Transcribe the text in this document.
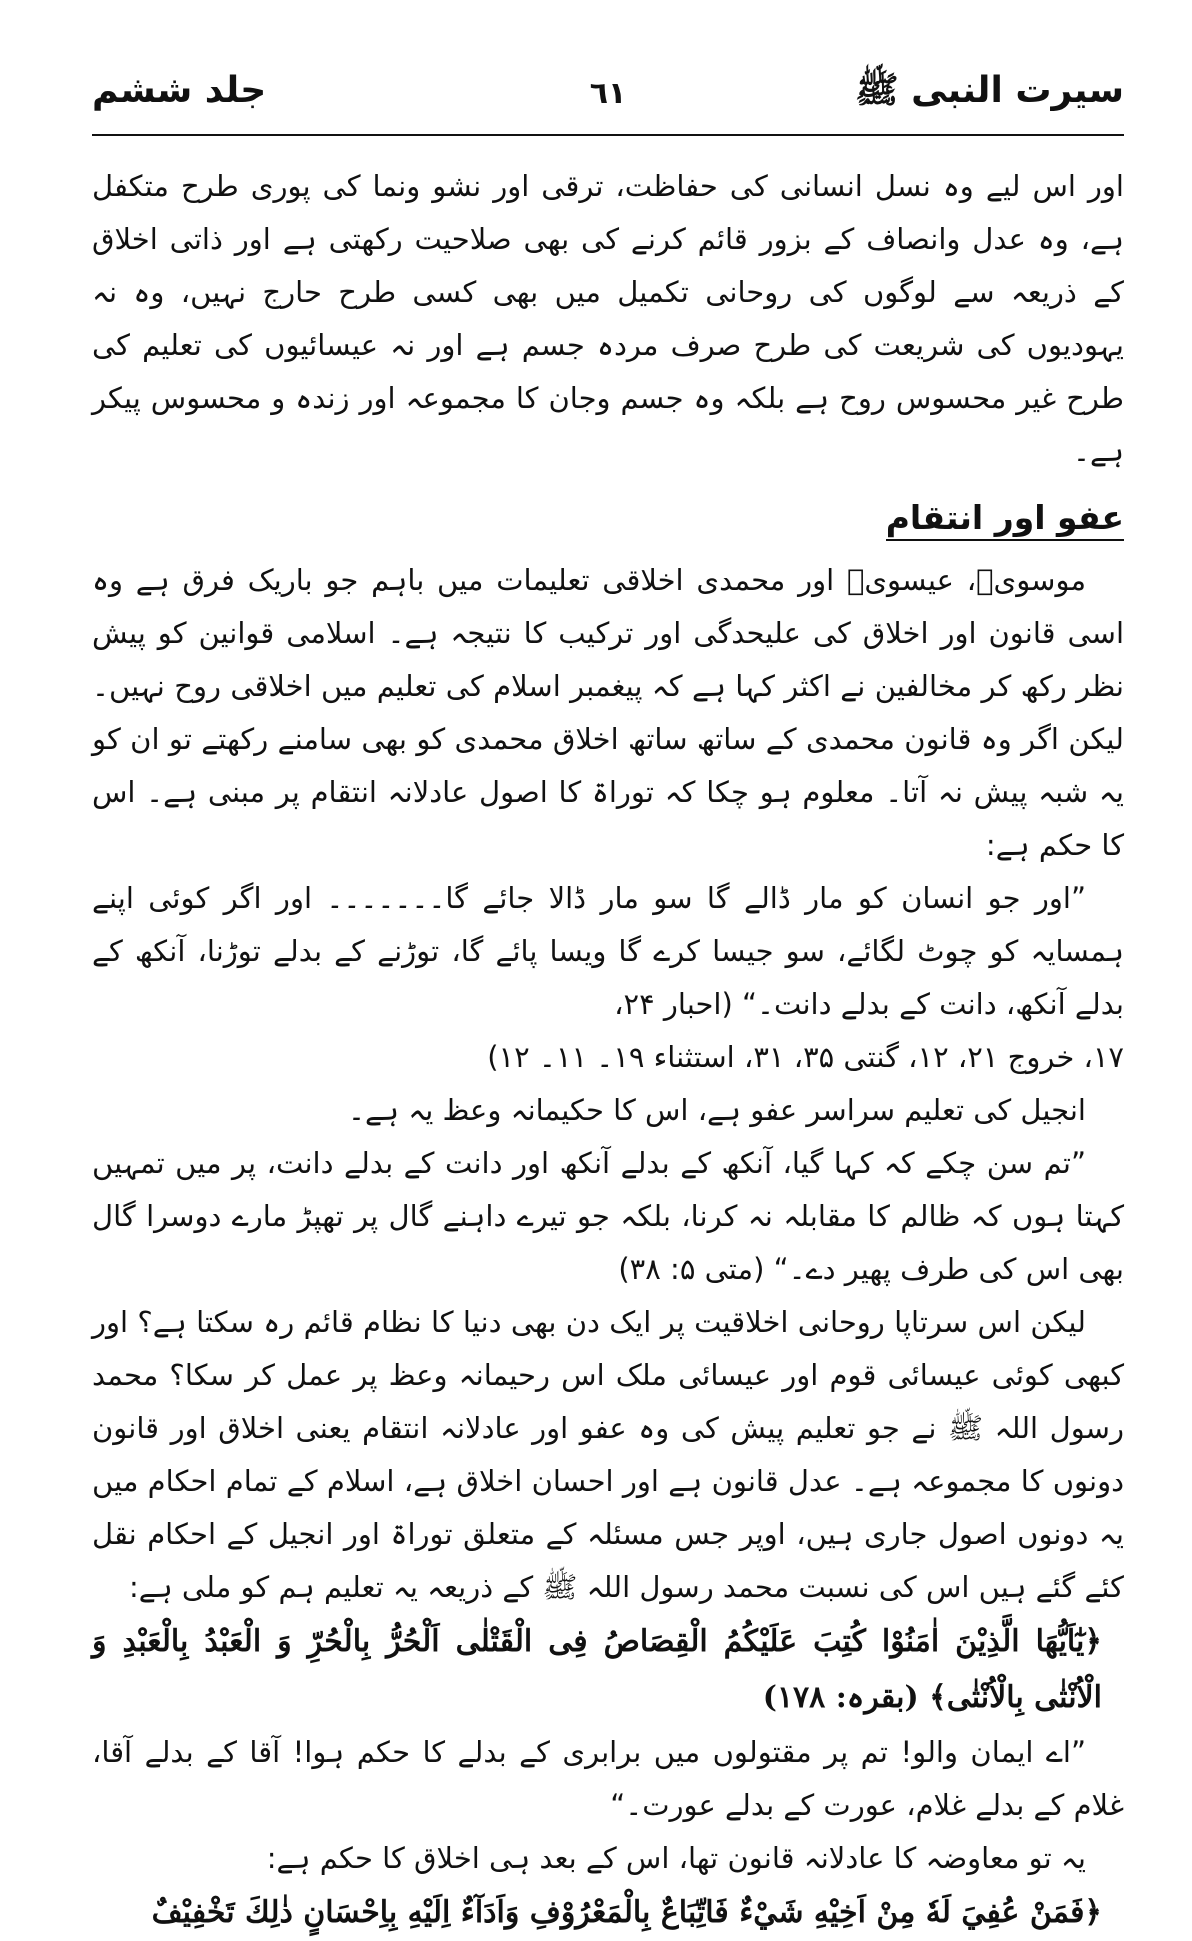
سیرت النبی ﷺ
٦١
جلد ششم

اور اس لیے وہ نسل انسانی کی حفاظت، ترقی اور نشو ونما کی پوری طرح متکفل ہے، وہ عدل وانصاف کے بزور قائم کرنے کی بھی صلاحیت رکھتی ہے اور ذاتی اخلاق کے ذریعہ سے لوگوں کی روحانی تکمیل میں بھی کسی طرح حارج نہیں، وہ نہ یہودیوں کی شریعت کی طرح صرف مردہ جسم ہے اور نہ عیسائیوں کی تعلیم کی طرح غیر محسوس روح ہے بلکہ وہ جسم وجان کا مجموعہ اور زندہ و محسوس پیکر ہے۔

عفو اور انتقام

موسویؑ، عیسویؑ اور محمدی اخلاقی تعلیمات میں باہم جو باریک فرق ہے وہ اسی قانون اور اخلاق کی علیحدگی اور ترکیب کا نتیجہ ہے۔ اسلامی قوانین کو پیش نظر رکھ کر مخالفین نے اکثر کہا ہے کہ پیغمبر اسلام کی تعلیم میں اخلاقی روح نہیں۔ لیکن اگر وہ قانون محمدی کے ساتھ ساتھ اخلاق محمدی کو بھی سامنے رکھتے تو ان کو یہ شبہ پیش نہ آتا۔ معلوم ہو چکا کہ توراۃ کا اصول عادلانہ انتقام پر مبنی ہے۔ اس کا حکم ہے:

”اور جو انسان کو مار ڈالے گا سو مار ڈالا جائے گا۔۔۔۔۔۔۔ اور اگر کوئی اپنے ہمسایہ کو چوٹ لگائے، سو جیسا کرے گا ویسا پائے گا، توڑنے کے بدلے توڑنا، آنکھ کے بدلے آنکھ، دانت کے بدلے دانت۔“ (احبار ۲۴،

۱۷، خروج ۲۱، ۱۲، گنتی ۳۵، ۳۱، استثناء ۱۹۔ ۱۱۔ ۱۲)

انجیل کی تعلیم سراسر عفو ہے، اس کا حکیمانہ وعظ یہ ہے۔

”تم سن چکے کہ کہا گیا، آنکھ کے بدلے آنکھ اور دانت کے بدلے دانت، پر میں تمہیں کہتا ہوں کہ ظالم کا مقابلہ نہ کرنا، بلکہ جو تیرے داہنے گال پر تھپڑ مارے دوسرا گال بھی اس کی طرف پھیر دے۔“ (متی ۵: ۳۸)

لیکن اس سرتاپا روحانی اخلاقیت پر ایک دن بھی دنیا کا نظام قائم رہ سکتا ہے؟ اور کبھی کوئی عیسائی قوم اور عیسائی ملک اس رحیمانہ وعظ پر عمل کر سکا؟ محمد رسول اللہ ﷺ نے جو تعلیم پیش کی وہ عفو اور عادلانہ انتقام یعنی اخلاق اور قانون دونوں کا مجموعہ ہے۔ عدل قانون ہے اور احسان اخلاق ہے، اسلام کے تمام احکام میں یہ دونوں اصول جاری ہیں، اوپر جس مسئلہ کے متعلق توراۃ اور انجیل کے احکام نقل کئے گئے ہیں اس کی نسبت محمد رسول اللہ ﷺ کے ذریعہ یہ تعلیم ہم کو ملی ہے:

﴿يٰٓاَيُّهَا الَّذِيْنَ اٰمَنُوْا كُتِبَ عَلَيْكُمُ الْقِصَاصُ فِى الْقَتْلٰى اَلْحُرُّ بِالْحُرِّ وَ الْعَبْدُ بِالْعَبْدِ وَ الْاُنْثٰى بِالْاُنْثٰى﴾ (بقرہ: ۱۷۸)

”اے ایمان والو! تم پر مقتولوں میں برابری کے بدلے کا حکم ہوا! آقا کے بدلے آقا، غلام کے بدلے غلام، عورت کے بدلے عورت۔“

یہ تو معاوضہ کا عادلانہ قانون تھا، اس کے بعد ہی اخلاق کا حکم ہے:

﴿فَمَنْ عُفِيَ لَهٗ مِنْ اَخِيْهِ شَيْءٌ فَاتِّبَاعٌ بِالْمَعْرُوْفِ وَاَدَآءٌ اِلَيْهِ بِاِحْسَانٍ ذٰلِكَ تَخْفِيْفٌ
